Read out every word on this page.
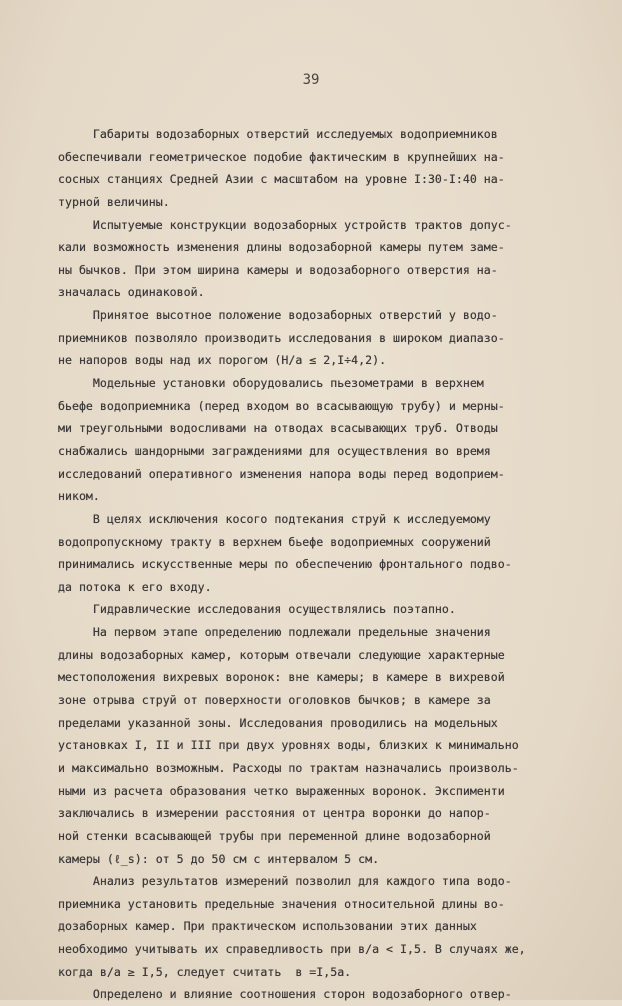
39
Габариты водозаборных отверстий исследуемых водоприемников
обеспечивали геометрическое подобие фактическим в крупнейших на-
сосных станциях Средней Азии с масштабом на уровне I:30-I:40 на-
турной величины.
Испытуемые конструкции водозаборных устройств трактов допус-
кали возможность изменения длины водозаборной камеры путем заме-
ны бычков. При этом ширина камеры и водозаборного отверстия на-
значалась одинаковой.
Принятое высотное положение водозаборных отверстий у водо-
приемников позволяло производить исследования в широком диапазо-
не напоров воды над их порогом (H/a ≤ 2,I÷4,2).
Модельные установки оборудовались пьезометрами в верхнем
бьефе водоприемника (перед входом во всасывающую трубу) и мерны-
ми треугольными водосливами на отводах всасывающих труб. Отводы
снабжались шандорными заграждениями для осуществления во время
исследований оперативного изменения напора воды перед водоприем-
ником.
В целях исключения косого подтекания струй к исследуемому
водопропускному тракту в верхнем бьефе водоприемных сооружений
принимались искусственные меры по обеспечению фронтального подво-
да потока к его входу.
Гидравлические исследования осуществлялись поэтапно.
На первом этапе определению подлежали предельные значения
длины водозаборных камер, которым отвечали следующие характерные
местоположения вихревых воронок: вне камеры; в камере в вихревой
зоне отрыва струй от поверхности оголовков бычков; в камере за
пределами указанной зоны. Исследования проводились на модельных
установках I, II и III при двух уровнях воды, близких к минимально
и максимально возможным. Расходы по трактам назначались произволь-
ными из расчета образования четко выраженных воронок. Экспименти
заключались в измерении расстояния от центра воронки до напор-
ной стенки всасывающей трубы при переменной длине водозаборной
камеры (ℓ_s): от 5 до 50 см с интервалом 5 см.
Анализ результатов измерений позволил для каждого типа водо-
приемника установить предельные значения относительной длины во-
дозаборных камер. При практическом использовании этих данных
необходимо учитывать их справедливость при в/а < I,5. В случаях же,
когда в/а ≥ I,5, следует считать  в =I,5а.
Определено и влияние соотношения сторон водозаборного отвер-
